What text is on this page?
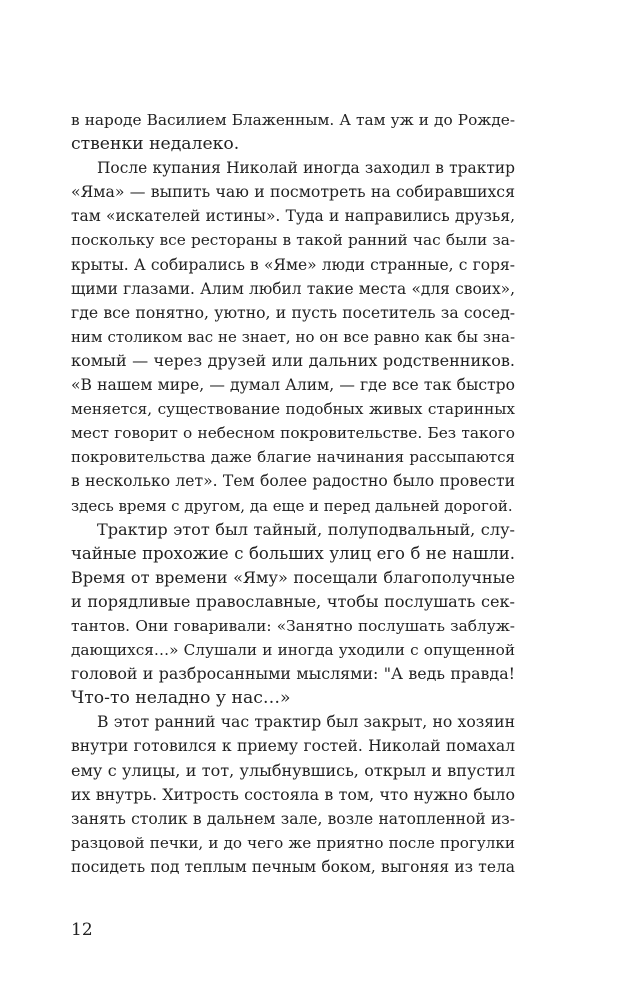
в народе Василием Блаженным. А там уж и до Рожде-
ственки недалеко.
После купания Николай иногда заходил в трактир
«Яма» — выпить чаю и посмотреть на собиравшихся
там «искателей истины». Туда и направились друзья,
поскольку все рестораны в такой ранний час были за-
крыты. А собирались в «Яме» люди странные, с горя-
щими глазами. Алим любил такие места «для своих»,
где все понятно, уютно, и пусть посетитель за сосед-
ним столиком вас не знает, но он все равно как бы зна-
комый — через друзей или дальних родственников.
«В нашем мире, — думал Алим, — где все так быстро
меняется, существование подобных живых старинных
мест говорит о небесном покровительстве. Без такого
покровительства даже благие начинания рассыпаются
в несколько лет». Тем более радостно было провести
здесь время с другом, да еще и перед дальней дорогой.
Трактир этот был тайный, полуподвальный, слу-
чайные прохожие с больших улиц его б не нашли.
Время от времени «Яму» посещали благополучные
и порядливые православные, чтобы послушать сек-
тантов. Они говаривали: «Занятно послушать заблуж-
дающихся…» Слушали и иногда уходили с опущенной
головой и разбросанными мыслями: "А ведь правда!
Что-то неладно у нас…»
В этот ранний час трактир был закрыт, но хозяин
внутри готовился к приему гостей. Николай помахал
ему с улицы, и тот, улыбнувшись, открыл и впустил
их внутрь. Хитрость состояла в том, что нужно было
занять столик в дальнем зале, возле натопленной из-
разцовой печки, и до чего же приятно после прогулки
посидеть под теплым печным боком, выгоняя из тела
12
